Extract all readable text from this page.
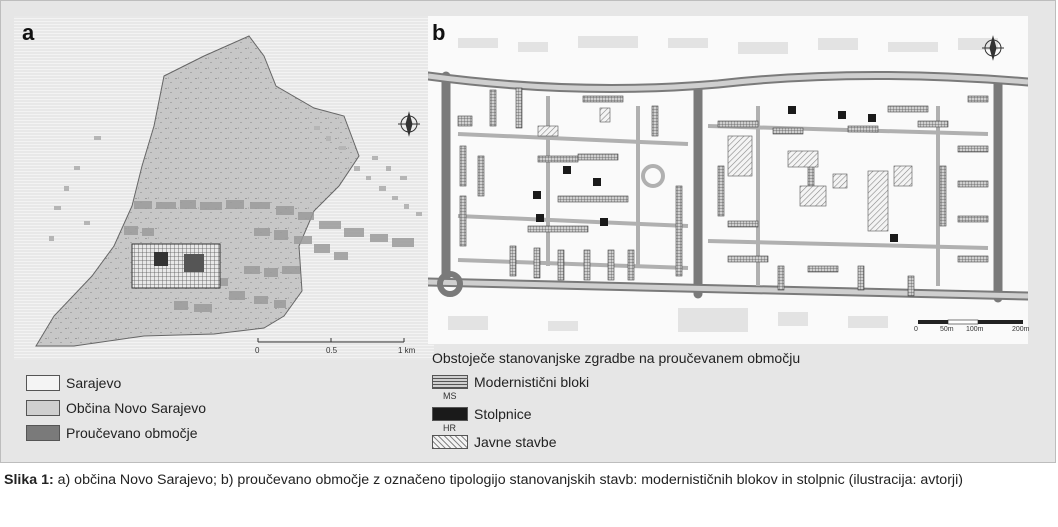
a
0	0.5	1 km
b
0	50m 100m	200m
Sarajevo
Občina Novo Sarajevo
Proučevano območje
Obstoječe stanovanjske zgradbe na proučevanem območju
Modernistični bloki
MS
Stolpnice
HR
Javne stavbe
Slika 1: a) občina Novo Sarajevo; b) proučevano območje z označeno tipologijo stanovanjskih stavb: modernističnih blokov in stolpnic (ilustracija: avtorji)
